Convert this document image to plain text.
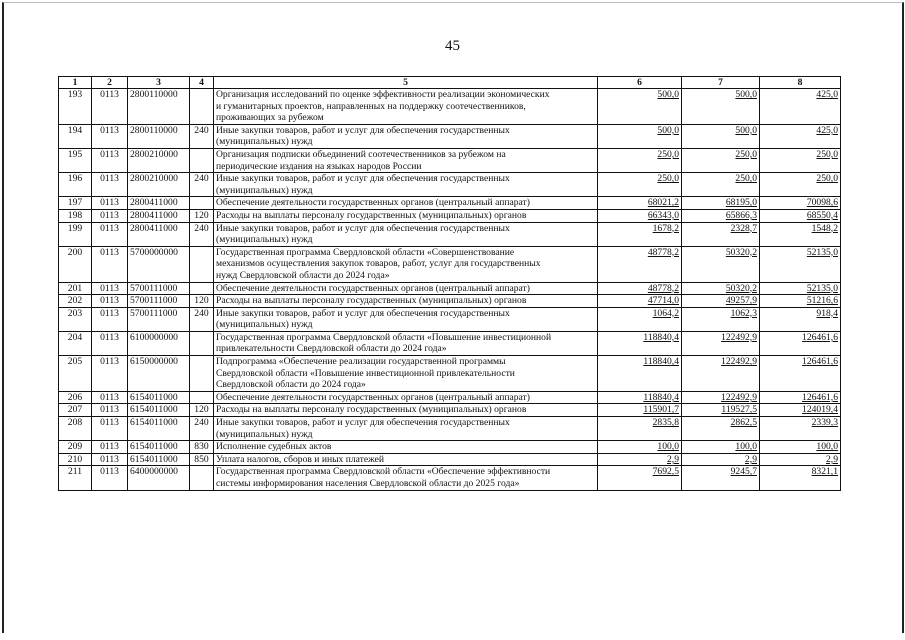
45
1	2	3	4	5	6	7	8
193	0113	2800110000		Организация исследований по оценке эффективности реализации экономических
и гуманитарных проектов, направленных на поддержку соотечественников,
проживающих за рубежом	500,0	500,0	425,0
194	0113	2800110000	240	Иные закупки товаров, работ и услуг для обеспечения государственных
(муниципальных) нужд	500,0	500,0	425,0
195	0113	2800210000		Организация подписки объединений соотечественников за рубежом на
периодические издания на языках народов России	250,0	250,0	250,0
196	0113	2800210000	240	Иные закупки товаров, работ и услуг для обеспечения государственных
(муниципальных) нужд	250,0	250,0	250,0
197	0113	2800411000		Обеспечение деятельности государственных органов (центральный аппарат)	68021,2	68195,0	70098,6
198	0113	2800411000	120	Расходы на выплаты персоналу государственных (муниципальных) органов	66343,0	65866,3	68550,4
199	0113	2800411000	240	Иные закупки товаров, работ и услуг для обеспечения государственных
(муниципальных) нужд	1678,2	2328,7	1548,2
200	0113	5700000000		Государственная программа Свердловской области «Совершенствование
механизмов осуществления закупок товаров, работ, услуг для государственных
нужд Свердловской области до 2024 года»	48778,2	50320,2	52135,0
201	0113	5700111000		Обеспечение деятельности государственных органов (центральный аппарат)	48778,2	50320,2	52135,0
202	0113	5700111000	120	Расходы на выплаты персоналу государственных (муниципальных) органов	47714,0	49257,9	51216,6
203	0113	5700111000	240	Иные закупки товаров, работ и услуг для обеспечения государственных
(муниципальных) нужд	1064,2	1062,3	918,4
204	0113	6100000000		Государственная программа Свердловской области «Повышение инвестиционной
привлекательности Свердловской области до 2024 года»	118840,4	122492,9	126461,6
205	0113	6150000000		Подпрограмма «Обеспечение реализации государственной программы
Свердловской области «Повышение инвестиционной привлекательности
Свердловской области до 2024 года»	118840,4	122492,9	126461,6
206	0113	6154011000		Обеспечение деятельности государственных органов (центральный аппарат)	118840,4	122492,9	126461,6
207	0113	6154011000	120	Расходы на выплаты персоналу государственных (муниципальных) органов	115901,7	119527,5	124019,4
208	0113	6154011000	240	Иные закупки товаров, работ и услуг для обеспечения государственных
(муниципальных) нужд	2835,8	2862,5	2339,3
209	0113	6154011000	830	Исполнение судебных актов	100,0	100,0	100,0
210	0113	6154011000	850	Уплата налогов, сборов и иных платежей	2,9	2,9	2,9
211	0113	6400000000		Государственная программа Свердловской области «Обеспечение эффективности
системы информирования населения Свердловской области до 2025 года»	7692,5	9245,7	8321,1
